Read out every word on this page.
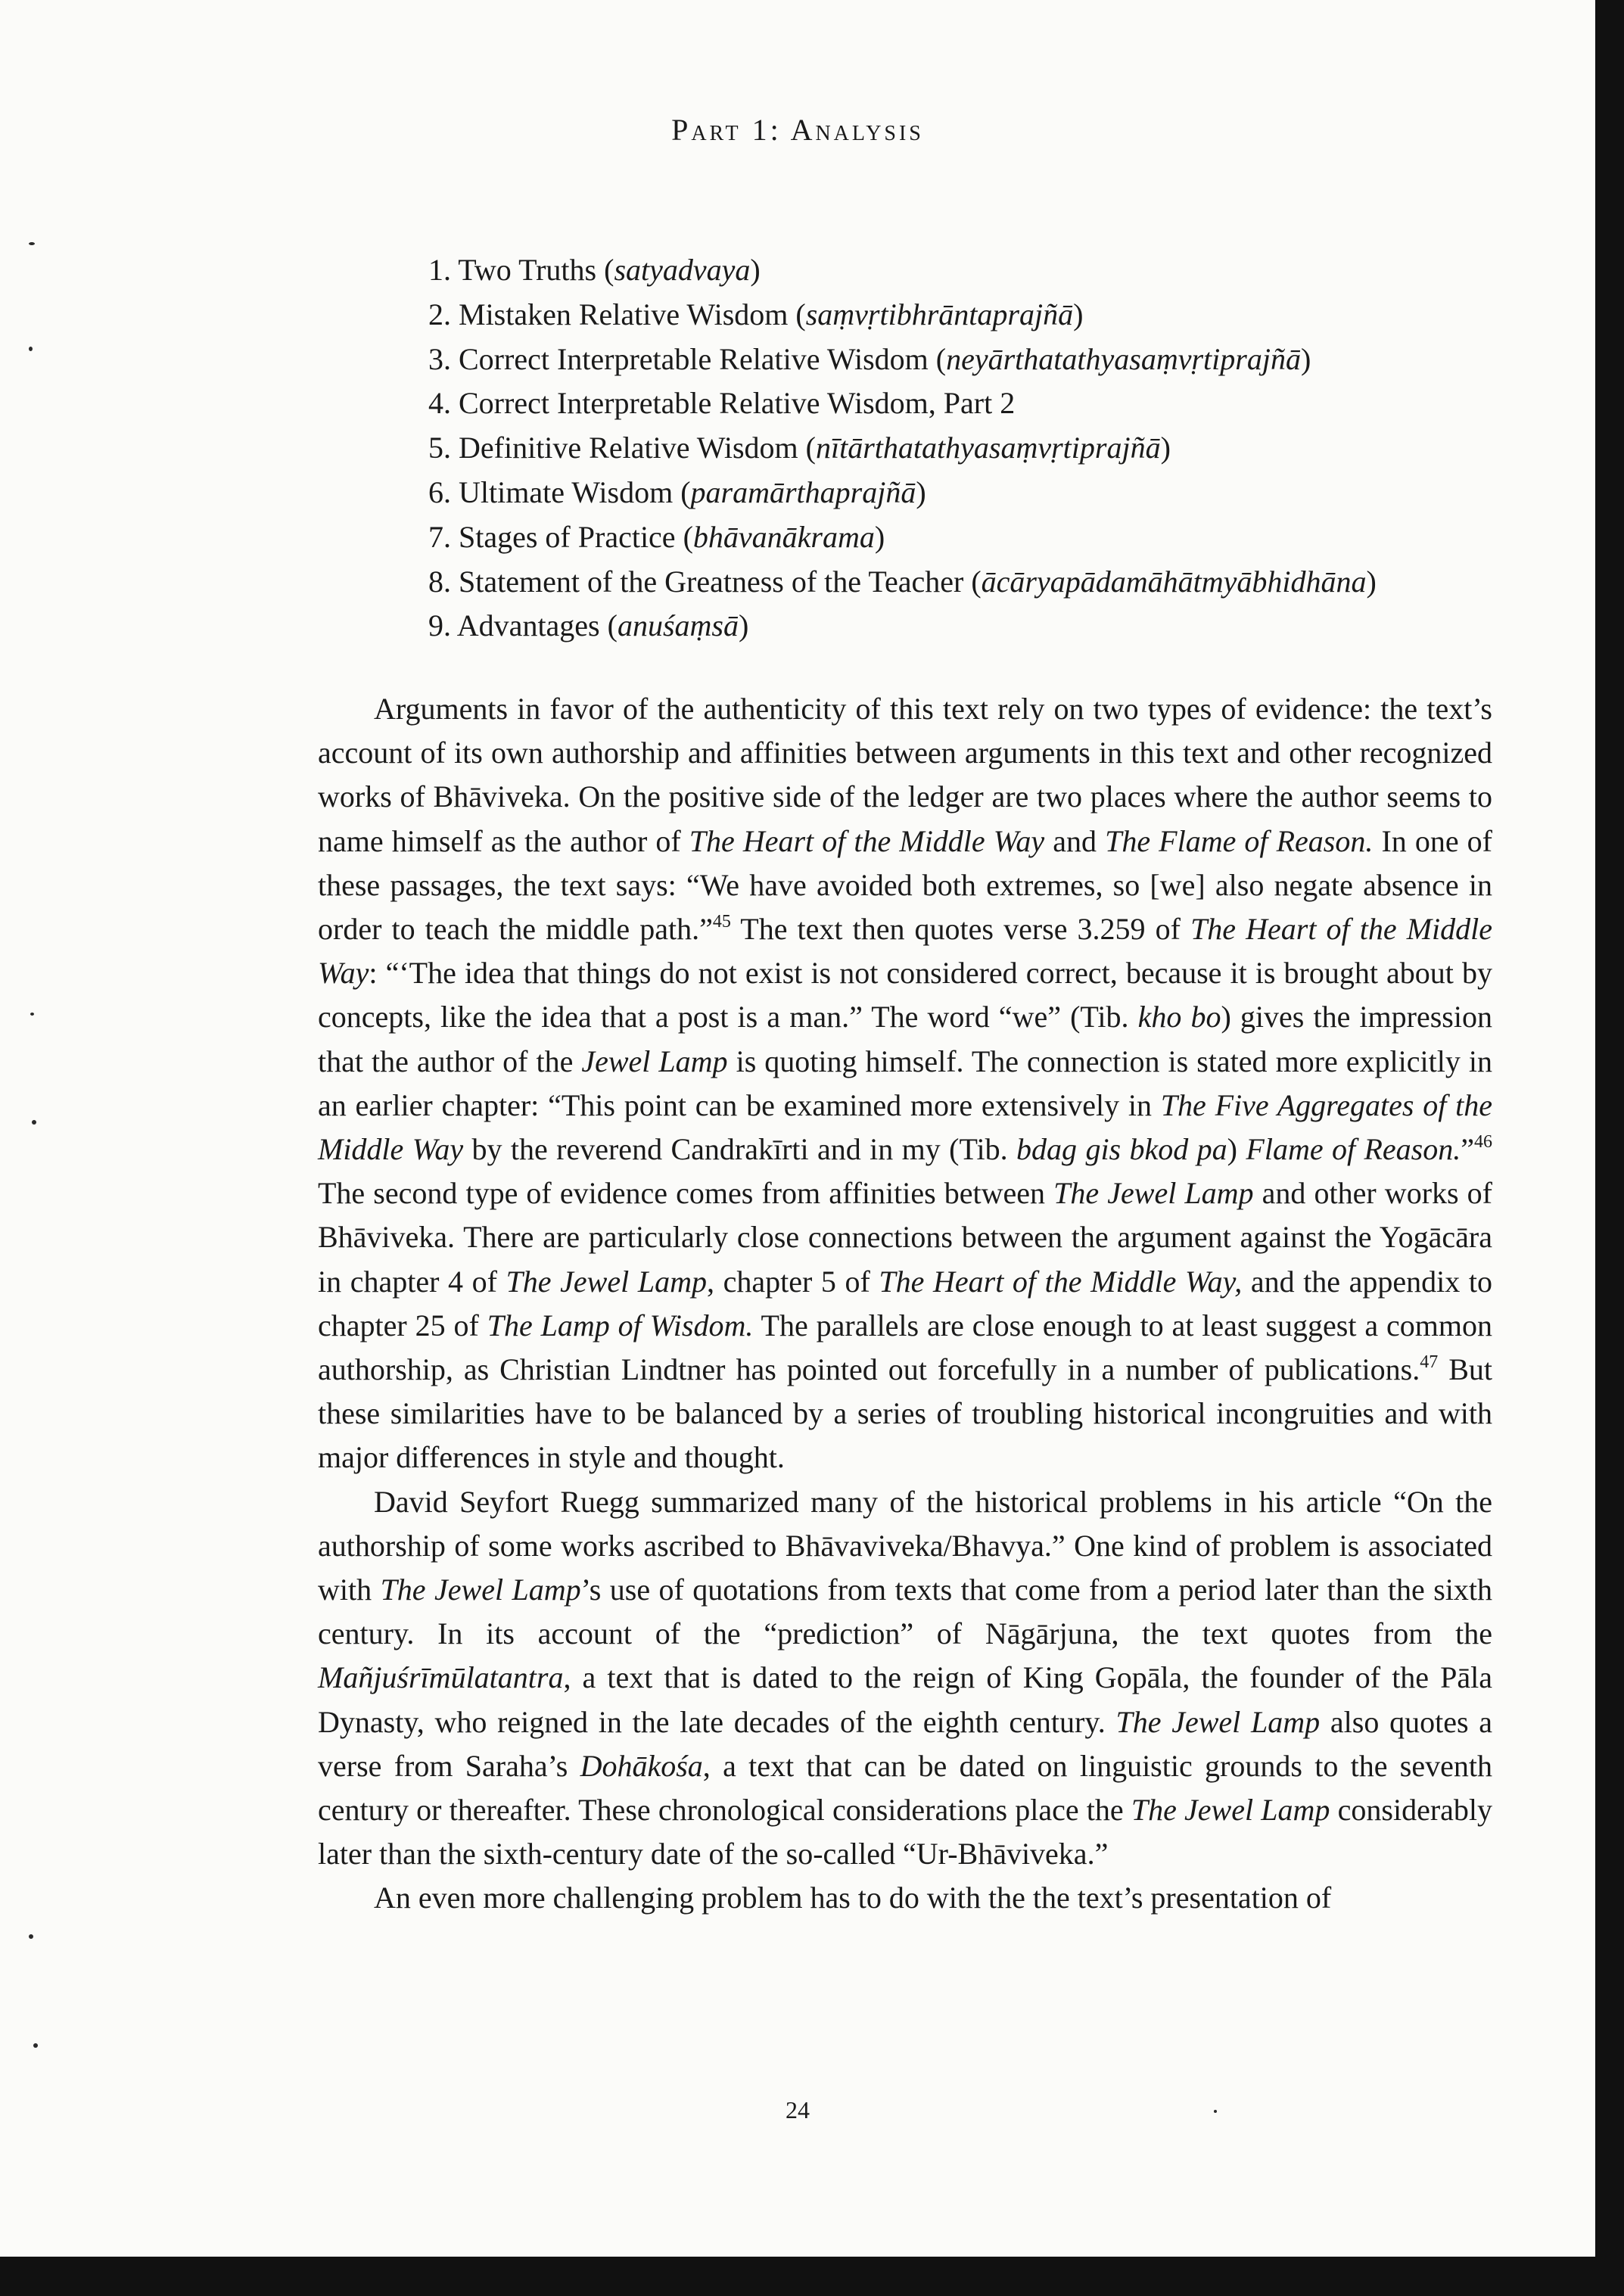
Part 1: Analysis
1. Two Truths (satyadvaya)
2. Mistaken Relative Wisdom (saṃvṛtibhrāntaprajñā)
3. Correct Interpretable Relative Wisdom (neyārthatathyasaṃvṛtiprajñā)
4. Correct Interpretable Relative Wisdom, Part 2
5. Definitive Relative Wisdom (nītārthatathyasaṃvṛtiprajñā)
6. Ultimate Wisdom (paramārthaprajñā)
7. Stages of Practice (bhāvanākrama)
8. Statement of the Greatness of the Teacher (ācāryapādamāhātmyābhidhāna)
9. Advantages (anuśaṃsā)

Arguments in favor of the authenticity of this text rely on two types of evidence: the text’s account of its own authorship and affinities between arguments in this text and other recognized works of Bhāviveka. On the positive side of the ledger are two places where the author seems to name himself as the author of The Heart of the Middle Way and The Flame of Reason. In one of these passages, the text says: “We have avoided both extremes, so [we] also negate absence in order to teach the middle path.”$^{45}$ The text then quotes verse 3.259 of The Heart of the Middle Way: “‘The idea that things do not exist is not considered correct, because it is brought about by concepts, like the idea that a post is a man.” The word “we” (Tib. kho bo) gives the impression that the author of the Jewel Lamp is quoting himself. The connection is stated more explicitly in an earlier chapter: “This point can be examined more extensively in The Five Aggregates of the Middle Way by the reverend Candrakīrti and in my (Tib. bdag gis bkod pa) Flame of Reason.”$^{46}$ The second type of evidence comes from affinities between The Jewel Lamp and other works of Bhāviveka. There are particularly close connections between the argument against the Yogācāra in chapter 4 of The Jewel Lamp, chapter 5 of The Heart of the Middle Way, and the appendix to chapter 25 of The Lamp of Wisdom. The parallels are close enough to at least suggest a common authorship, as Christian Lindtner has pointed out forcefully in a number of publications.$^{47}$ But these similarities have to be balanced by a series of troubling historical incongruities and with major differences in style and thought.

David Seyfort Ruegg summarized many of the historical problems in his article “On the authorship of some works ascribed to Bhāvaviveka/Bhavya.” One kind of problem is associated with The Jewel Lamp’s use of quotations from texts that come from a period later than the sixth century. In its account of the “prediction” of Nāgārjuna, the text quotes from the Mañjuśrīmūlatantra, a text that is dated to the reign of King Gopāla, the founder of the Pāla Dynasty, who reigned in the late decades of the eighth century. The Jewel Lamp also quotes a verse from Saraha’s Dohākośa, a text that can be dated on linguistic grounds to the seventh century or thereafter. These chronological considerations place the The Jewel Lamp considerably later than the sixth-century date of the so-called “Ur-Bhāviveka.”

An even more challenging problem has to do with the the text’s presentation of

24
